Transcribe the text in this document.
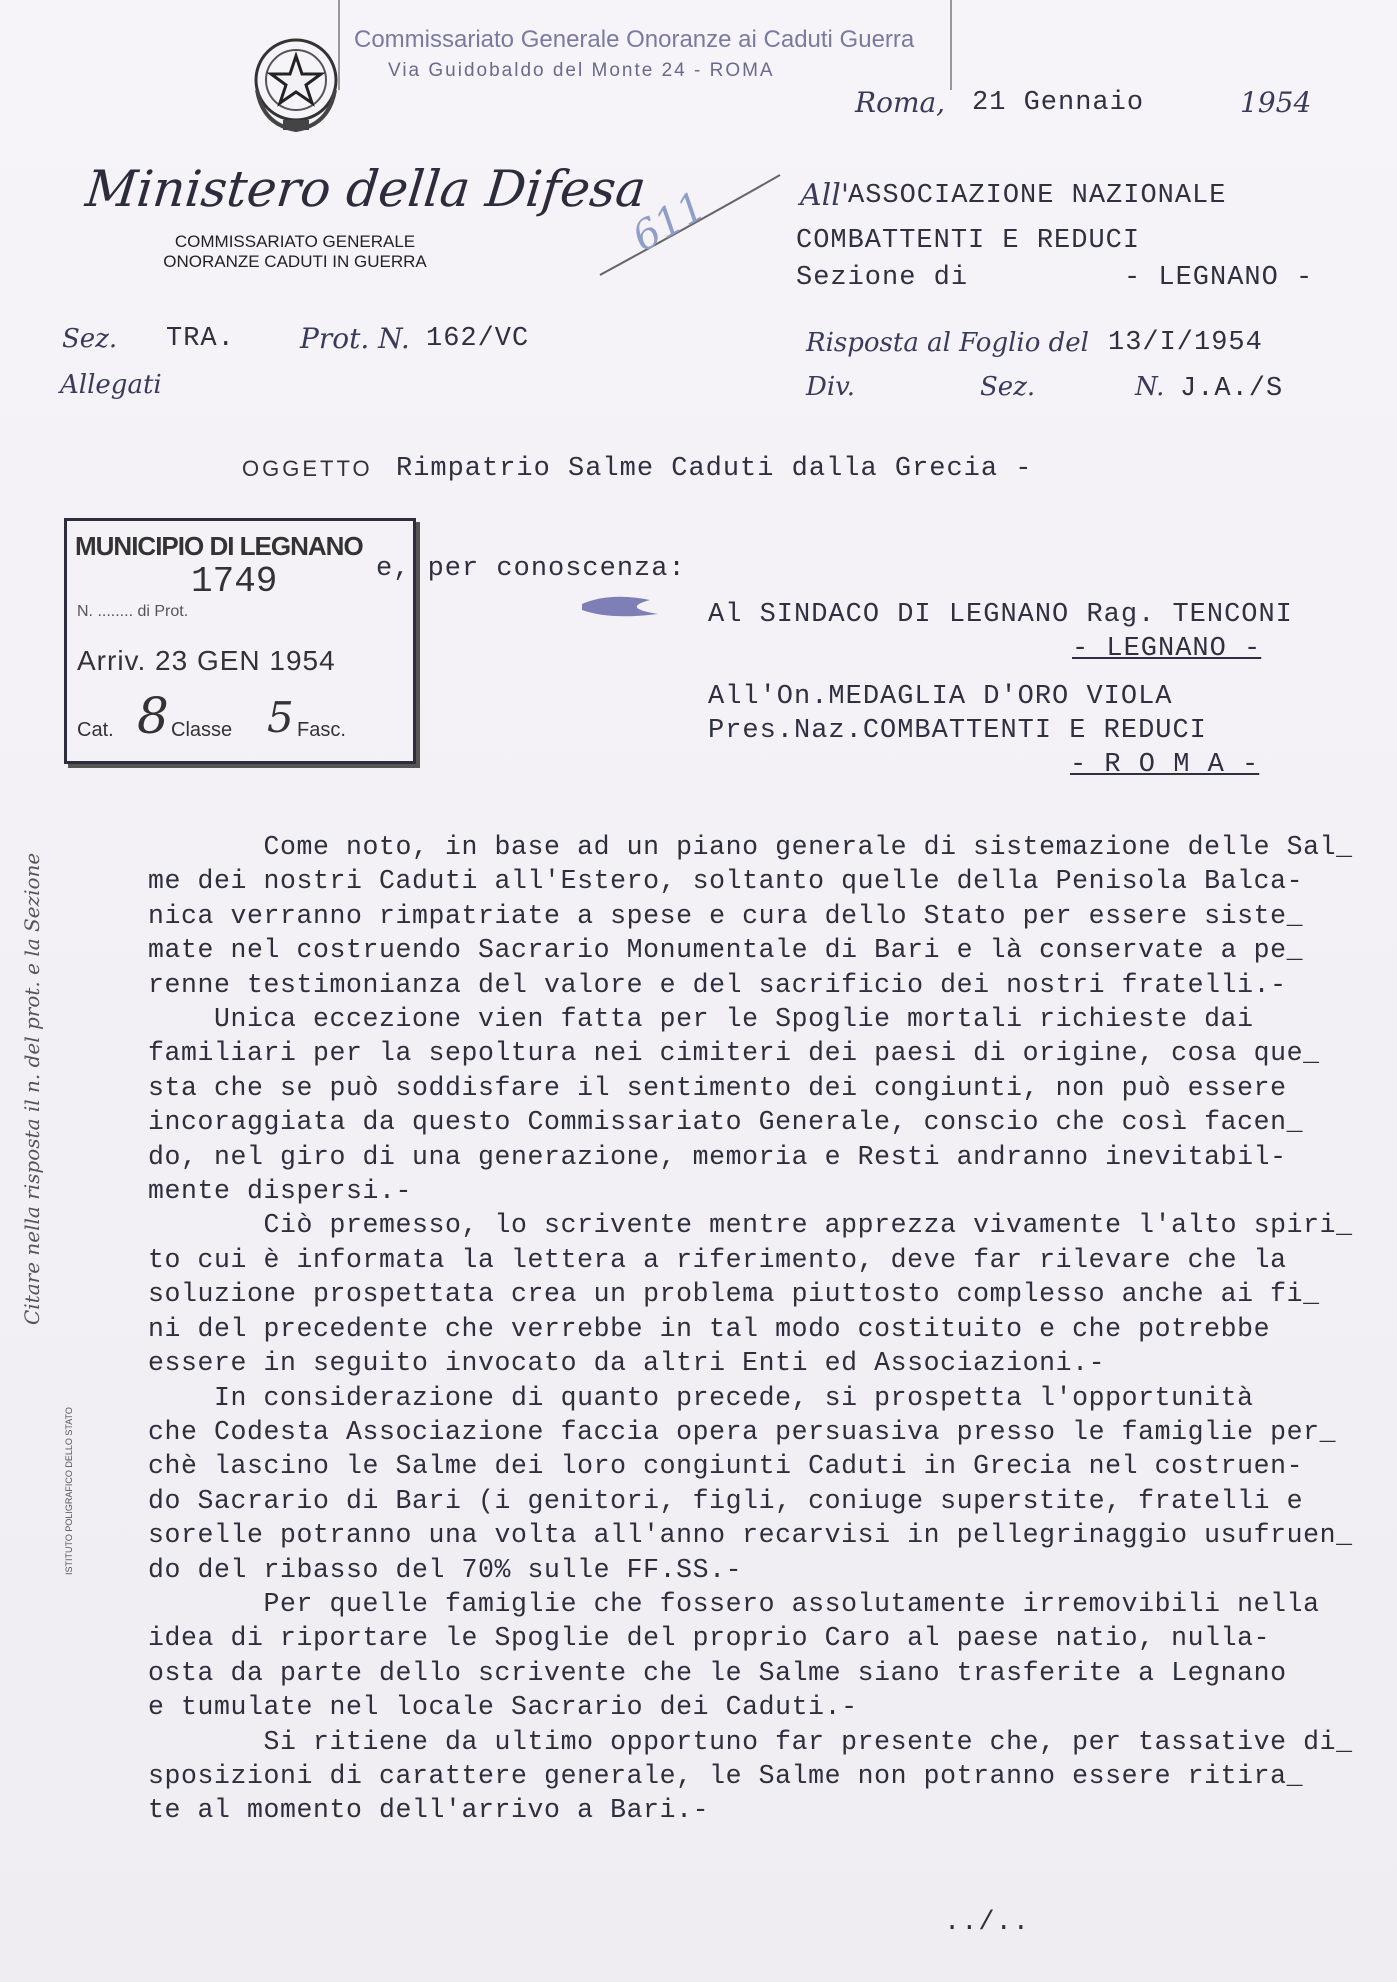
Commissariato Generale Onoranze ai Caduti Guerra
Via Guidobaldo del Monte 24 - ROMA
Roma, 21 Gennaio	1954
Ministero della Difesa
COMMISSARIATO GENERALE
ONORANZE CADUTI IN GUERRA
611	All'
ASSOCIAZIONE NAZIONALE
COMBATTENTI E REDUCI
Sezione di	- LEGNANO -
Sez. TRA. Prot. N. 162/VC
Allegati
Risposta al Foglio del 13/I/1954
Div.	Sez.	N. J.A./S
OGGETTO Rimpatrio Salme Caduti dalla Grecia -
MUNICIPIO DI LEGNANO
1749
N. ........ di Prot.
Arriv. 23 GEN 1954
Cat. 8 Classe 5 Fasc.
e, per conoscenza:
Al SINDACO DI LEGNANO Rag. TENCONI
- LEGNANO -
All'On.MEDAGLIA D'ORO VIOLA
Pres.Naz.COMBATTENTI E REDUCI
- R O M A -
Come noto, in base ad un piano generale di sistemazione delle Sal_
me dei nostri Caduti all'Estero, soltanto quelle della Penisola Balca-
nica verranno rimpatriate a spese e cura dello Stato per essere siste_
mate nel costruendo Sacrario Monumentale di Bari e là conservate a pe_
renne testimonianza del valore e del sacrificio dei nostri fratelli.-
Unica eccezione vien fatta per le Spoglie mortali richieste dai
familiari per la sepoltura nei cimiteri dei paesi di origine, cosa que_
sta che se può soddisfare il sentimento dei congiunti, non può essere
incoraggiata da questo Commissariato Generale, conscio che così facen_
do, nel giro di una generazione, memoria e Resti andranno inevitabil-
mente dispersi.-
Ciò premesso, lo scrivente mentre apprezza vivamente l'alto spiri_
to cui è informata la lettera a riferimento, deve far rilevare che la
soluzione prospettata crea un problema piuttosto complesso anche ai fi_
ni del precedente che verrebbe in tal modo costituito e che potrebbe
essere in seguito invocato da altri Enti ed Associazioni.-
In considerazione di quanto precede, si prospetta l'opportunità
che Codesta Associazione faccia opera persuasiva presso le famiglie per_
chè lascino le Salme dei loro congiunti Caduti in Grecia nel costruen-
do Sacrario di Bari (i genitori, figli, coniuge superstite, fratelli e
sorelle potranno una volta all'anno recarvisi in pellegrinaggio usufruen_
do del ribasso del 70% sulle FF.SS.-
Per quelle famiglie che fossero assolutamente irremovibili nella
idea di riportare le Spoglie del proprio Caro al paese natio, nulla-
osta da parte dello scrivente che le Salme siano trasferite a Legnano
e tumulate nel locale Sacrario dei Caduti.-
Si ritiene da ultimo opportuno far presente che, per tassative di_
sposizioni di carattere generale, le Salme non potranno essere ritira_
te al momento dell'arrivo a Bari.-
../..
Citare nella risposta il n. del prot. e la Sezione
ISTITUTO POLIGRAFICO DELLO STATO
